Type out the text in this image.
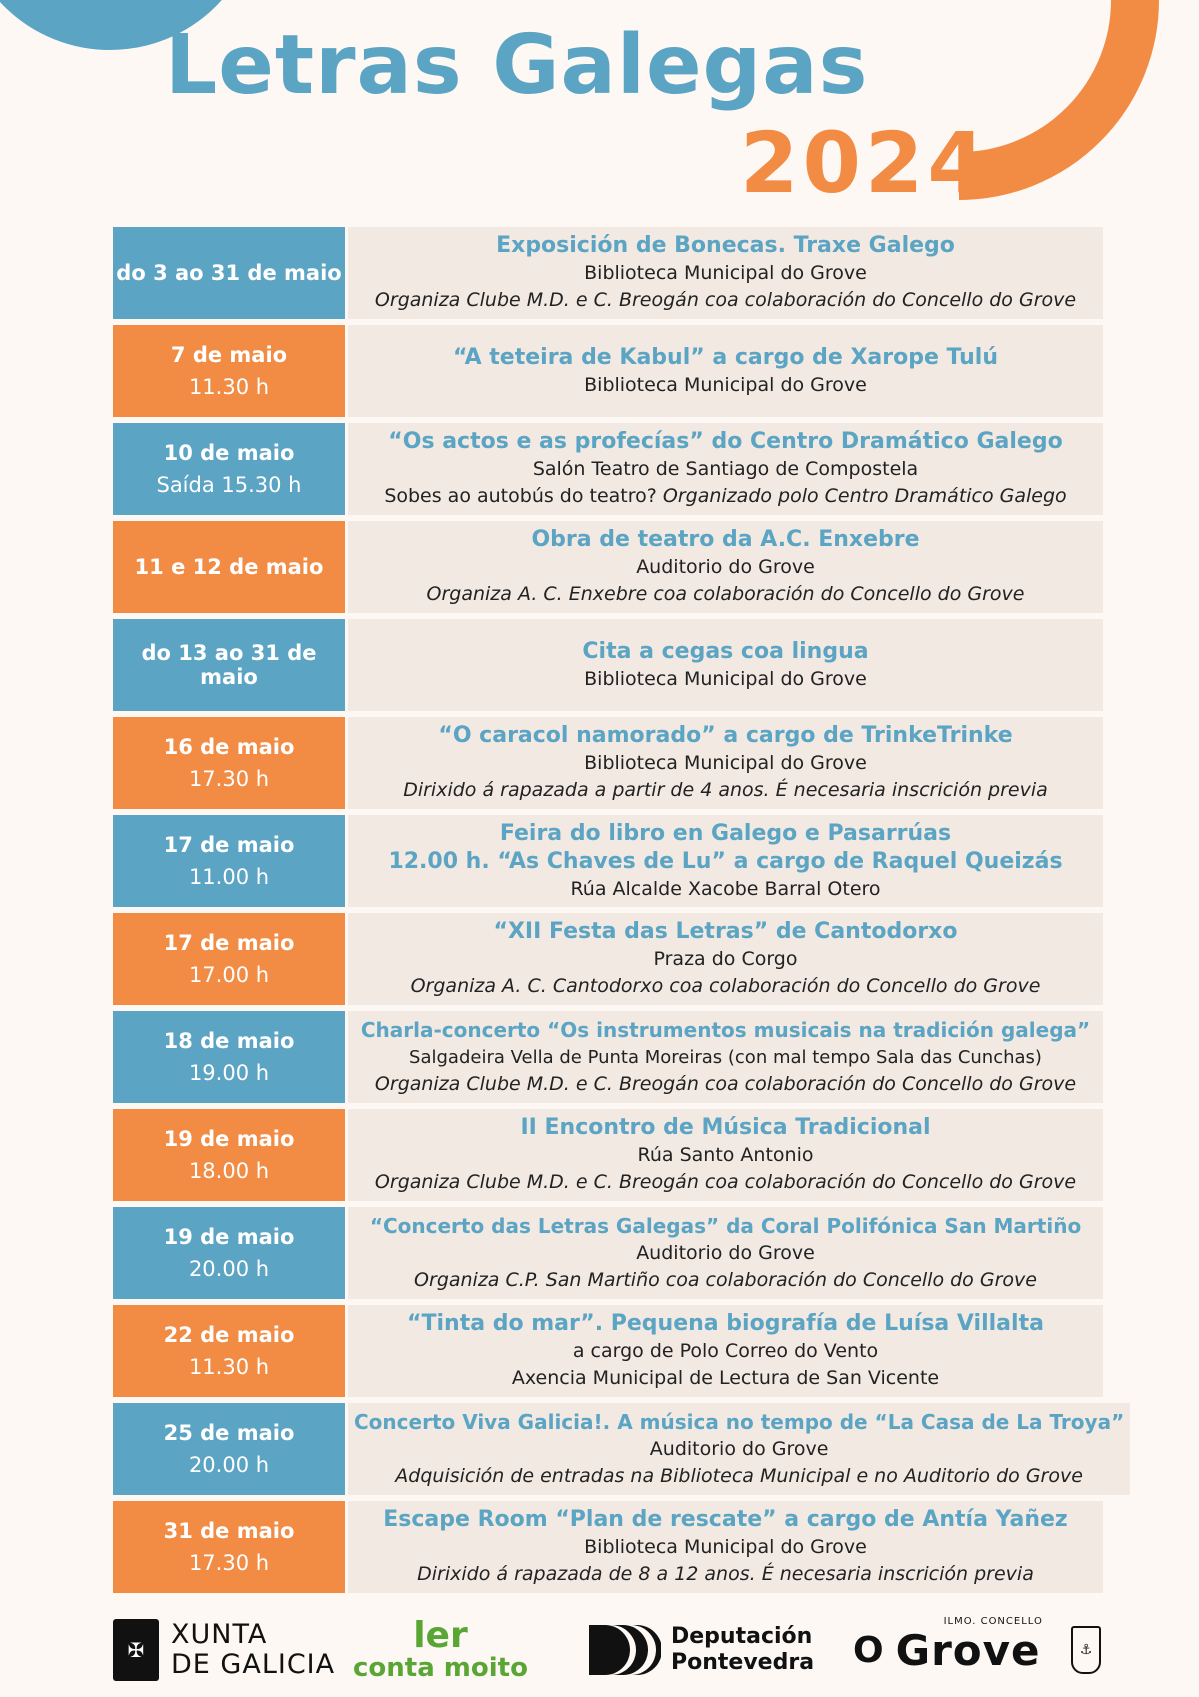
Letras Galegas
2024
do 3 ao 31 de maio
Exposición de Bonecas. Traxe Galego
Biblioteca Municipal do Grove
Organiza Clube M.D. e C. Breogán coa colaboración do Concello do Grove
7 de maio
11.30 h
“A teteira de Kabul” a cargo de Xarope Tulú
Biblioteca Municipal do Grove
10 de maio
Saída 15.30 h
“Os actos e as profecías” do Centro Dramático Galego
Salón Teatro de Santiago de Compostela
Sobes ao autobús do teatro? Organizado polo Centro Dramático Galego
11 e 12 de maio
Obra de teatro da A.C. Enxebre
Auditorio do Grove
Organiza A. C. Enxebre coa colaboración do Concello do Grove
do 13 ao 31 de maio
Cita a cegas coa lingua
Biblioteca Municipal do Grove
16 de maio
17.30 h
“O caracol namorado” a cargo de TrinkeTrinke
Biblioteca Municipal do Grove
Dirixido á rapazada a partir de 4 anos. É necesaria inscrición previa
17 de maio
11.00 h
Feira do libro en Galego e Pasarrúas
12.00 h. “As Chaves de Lu” a cargo de Raquel Queizás
Rúa Alcalde Xacobe Barral Otero
17 de maio
17.00 h
“XII Festa das Letras” de Cantodorxo
Praza do Corgo
Organiza A. C. Cantodorxo coa colaboración do Concello do Grove
18 de maio
19.00 h
Charla-concerto “Os instrumentos musicais na tradición galega”
Salgadeira Vella de Punta Moreiras (con mal tempo Sala das Cunchas)
Organiza Clube M.D. e C. Breogán coa colaboración do Concello do Grove
19 de maio
18.00 h
II Encontro de Música Tradicional
Rúa Santo Antonio
Organiza Clube M.D. e C. Breogán coa colaboración do Concello do Grove
19 de maio
20.00 h
“Concerto das Letras Galegas” da Coral Polifónica San Martiño
Auditorio do Grove
Organiza C.P. San Martiño coa colaboración do Concello do Grove
22 de maio
11.30 h
“Tinta do mar”. Pequena biografía de Luísa Villalta
a cargo de Polo Correo do Vento
Axencia Municipal de Lectura de San Vicente
25 de maio
20.00 h
Concerto Viva Galicia!. A música no tempo de “La Casa de La Troya”
Auditorio do Grove
Adquisición de entradas na Biblioteca Municipal e no Auditorio do Grove
31 de maio
17.30 h
Escape Room “Plan de rescate” a cargo de Antía Yañez
Biblioteca Municipal do Grove
Dirixido á rapazada de 8 a 12 anos. É necesaria inscrición previa
✠ XUNTA
DE GALICIA
ler
conta moito
Deputación
Pontevedra O
ILMO. CONCELLO
Grove	⚓
